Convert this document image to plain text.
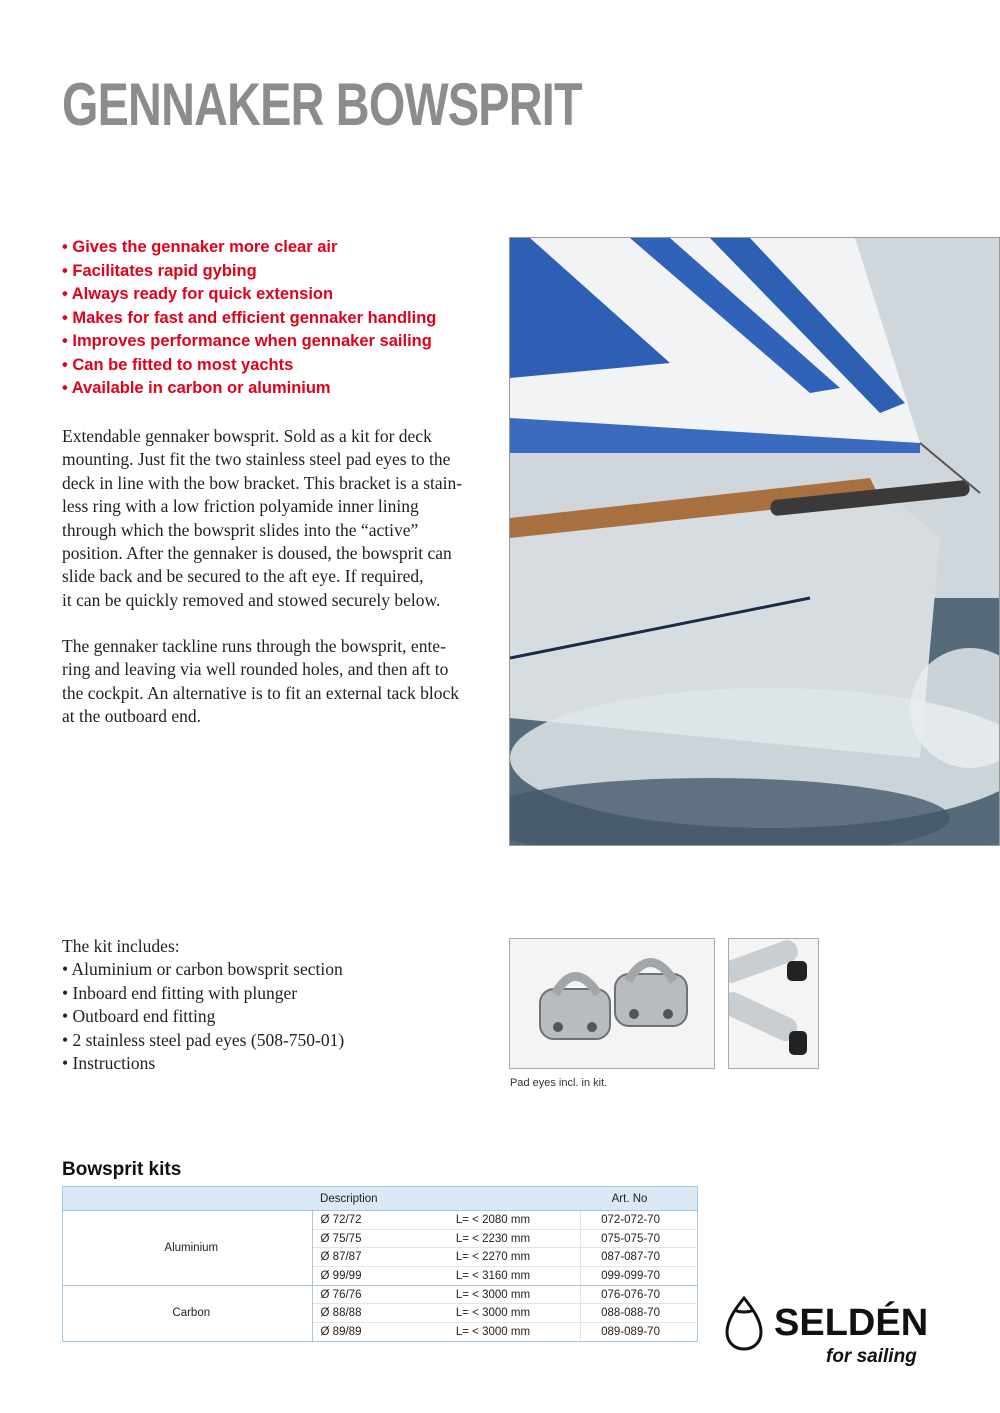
GENNAKER BOWSPRIT
• Gives the gennaker more clear air
• Facilitates rapid gybing
• Always ready for quick extension
• Makes for fast and efficient gennaker handling
• Improves performance when gennaker sailing
• Can be fitted to most yachts
• Available in carbon or aluminium
Extendable gennaker bowsprit. Sold as a kit for deck
mounting. Just fit the two stainless steel pad eyes to the
deck in line with the bow bracket. This bracket is a stain-
less ring with a low friction polyamide inner lining
through which the bowsprit slides into the “active”
position. After the gennaker is doused, the bowsprit can
slide back and be secured to the aft eye. If required,
it can be quickly removed and stowed securely below.
The gennaker tackline runs through the bowsprit, ente-
ring and leaving via well rounded holes, and then aft to
the cockpit. An alternative is to fit an external tack block
at the outboard end.
The kit includes:
• Aluminium or carbon bowsprit section
• Inboard end fitting with plunger
• Outboard end fitting
• 2 stainless steel pad eyes (508-750-01)
• Instructions
Pad eyes incl. in kit.
Bowsprit kits
	Description		Art. No
Aluminium	Ø 72/72	L= < 2080 mm	072-072-70
	Ø 75/75	L= < 2230 mm	075-075-70
	Ø 87/87	L= < 2270 mm	087-087-70
	Ø 99/99	L= < 3160 mm	099-099-70
Carbon	Ø 76/76	L= < 3000 mm	076-076-70
	Ø 88/88	L= < 3000 mm	088-088-70
	Ø 89/89	L= < 3000 mm	089-089-70	SELDÉN
for sailing
